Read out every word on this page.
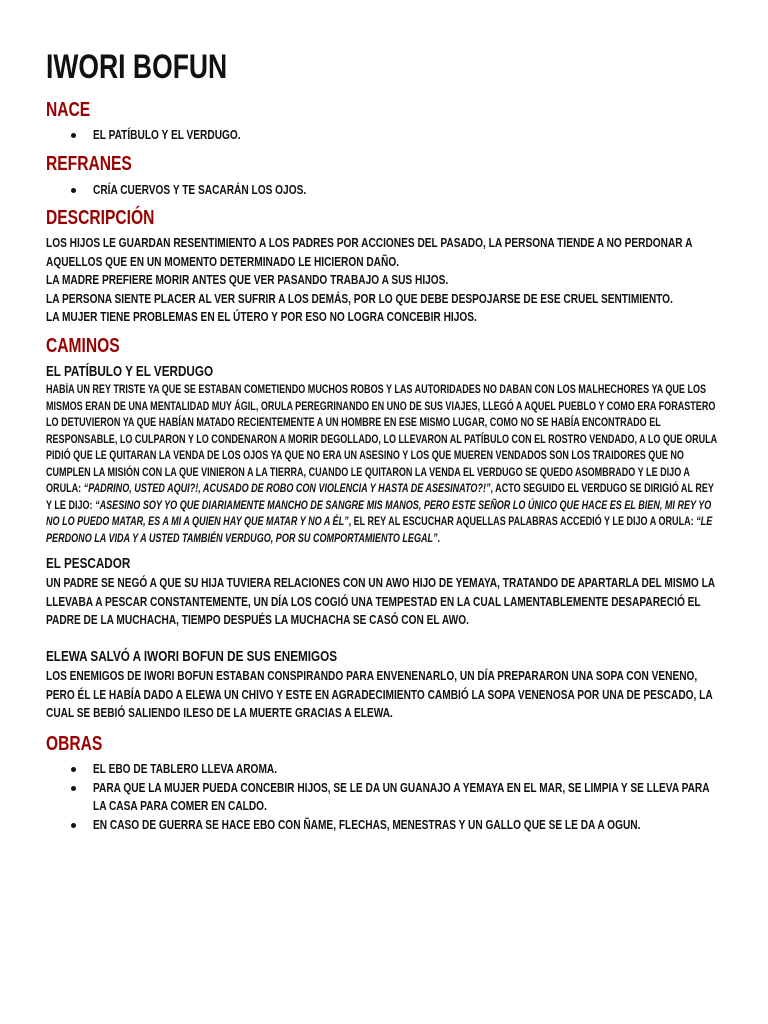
IWORI BOFUN
NACE
EL PATÍBULO Y EL VERDUGO.
REFRANES
CRÍA CUERVOS Y TE SACARÁN LOS OJOS.
DESCRIPCIÓN
LOS HIJOS LE GUARDAN RESENTIMIENTO A LOS PADRES POR ACCIONES DEL PASADO, LA PERSONA TIENDE A NO PERDONAR A AQUELLOS QUE EN UN MOMENTO DETERMINADO LE HICIERON DAÑO.
LA MADRE PREFIERE MORIR ANTES QUE VER PASANDO TRABAJO A SUS HIJOS.
LA PERSONA SIENTE PLACER AL VER SUFRIR A LOS DEMÁS, POR LO QUE DEBE DESPOJARSE DE ESE CRUEL SENTIMIENTO.
LA MUJER TIENE PROBLEMAS EN EL ÚTERO Y POR ESO NO LOGRA CONCEBIR HIJOS.
CAMINOS
EL PATÍBULO Y EL VERDUGO
HABÍA UN REY TRISTE YA QUE SE ESTABAN COMETIENDO MUCHOS ROBOS Y LAS AUTORIDADES NO DABAN CON LOS MALHECHORES YA QUE LOS MISMOS ERAN DE UNA MENTALIDAD MUY ÁGIL, ORULA PEREGRINANDO EN UNO DE SUS VIAJES, LLEGÓ A AQUEL PUEBLO Y COMO ERA FORASTERO LO DETUVIERON YA QUE HABÍAN MATADO RECIENTEMENTE A UN HOMBRE EN ESE MISMO LUGAR, COMO NO SE HABÍA ENCONTRADO EL RESPONSABLE, LO CULPARON Y LO CONDENARON A MORIR DEGOLLADO, LO LLEVARON AL PATÍBULO CON EL ROSTRO VENDADO, A LO QUE ORULA PIDIÓ QUE LE QUITARAN LA VENDA DE LOS OJOS YA QUE NO ERA UN ASESINO Y LOS QUE MUEREN VENDADOS SON LOS TRAIDORES QUE NO CUMPLEN LA MISIÓN CON LA QUE VINIERON A LA TIERRA, CUANDO LE QUITARON LA VENDA EL VERDUGO SE QUEDO ASOMBRADO Y LE DIJO A ORULA: “PADRINO, USTED AQUI?!, ACUSADO DE ROBO CON VIOLENCIA Y HASTA DE ASESINATO?!”, ACTO SEGUIDO EL VERDUGO SE DIRIGIÓ AL REY Y LE DIJO: “ASESINO SOY YO QUE DIARIAMENTE MANCHO DE SANGRE MIS MANOS, PERO ESTE SEÑOR LO ÚNICO QUE HACE ES EL BIEN, MI REY YO NO LO PUEDO MATAR, ES A MI A QUIEN HAY QUE MATAR Y NO A ÉL”, EL REY AL ESCUCHAR AQUELLAS PALABRAS ACCEDIÓ Y LE DIJO A ORULA: “LE PERDONO LA VIDA Y A USTED TAMBIÉN VERDUGO, POR SU COMPORTAMIENTO LEGAL”.
EL PESCADOR
UN PADRE SE NEGÓ A QUE SU HIJA TUVIERA RELACIONES CON UN AWO HIJO DE YEMAYA, TRATANDO DE APARTARLA DEL MISMO LA LLEVABA A PESCAR CONSTANTEMENTE, UN DÍA LOS COGIÓ UNA TEMPESTAD EN LA CUAL LAMENTABLEMENTE DESAPARECIÓ EL PADRE DE LA MUCHACHA, TIEMPO DESPUÉS LA MUCHACHA SE CASÓ CON EL AWO.
ELEWA SALVÓ A IWORI BOFUN DE SUS ENEMIGOS
LOS ENEMIGOS DE IWORI BOFUN ESTABAN CONSPIRANDO PARA ENVENENARLO, UN DÍA PREPARARON UNA SOPA CON VENENO, PERO ÉL LE HABÍA DADO A ELEWA UN CHIVO Y ESTE EN AGRADECIMIENTO CAMBIÓ LA SOPA VENENOSA POR UNA DE PESCADO, LA CUAL SE BEBIÓ SALIENDO ILESO DE LA MUERTE GRACIAS A ELEWA.
OBRAS
EL EBO DE TABLERO LLEVA AROMA.
PARA QUE LA MUJER PUEDA CONCEBIR HIJOS, SE LE DA UN GUANAJO A YEMAYA EN EL MAR, SE LIMPIA Y SE LLEVA PARA LA CASA PARA COMER EN CALDO.
EN CASO DE GUERRA SE HACE EBO CON ÑAME, FLECHAS, MENESTRAS Y UN GALLO QUE SE LE DA A OGUN.
